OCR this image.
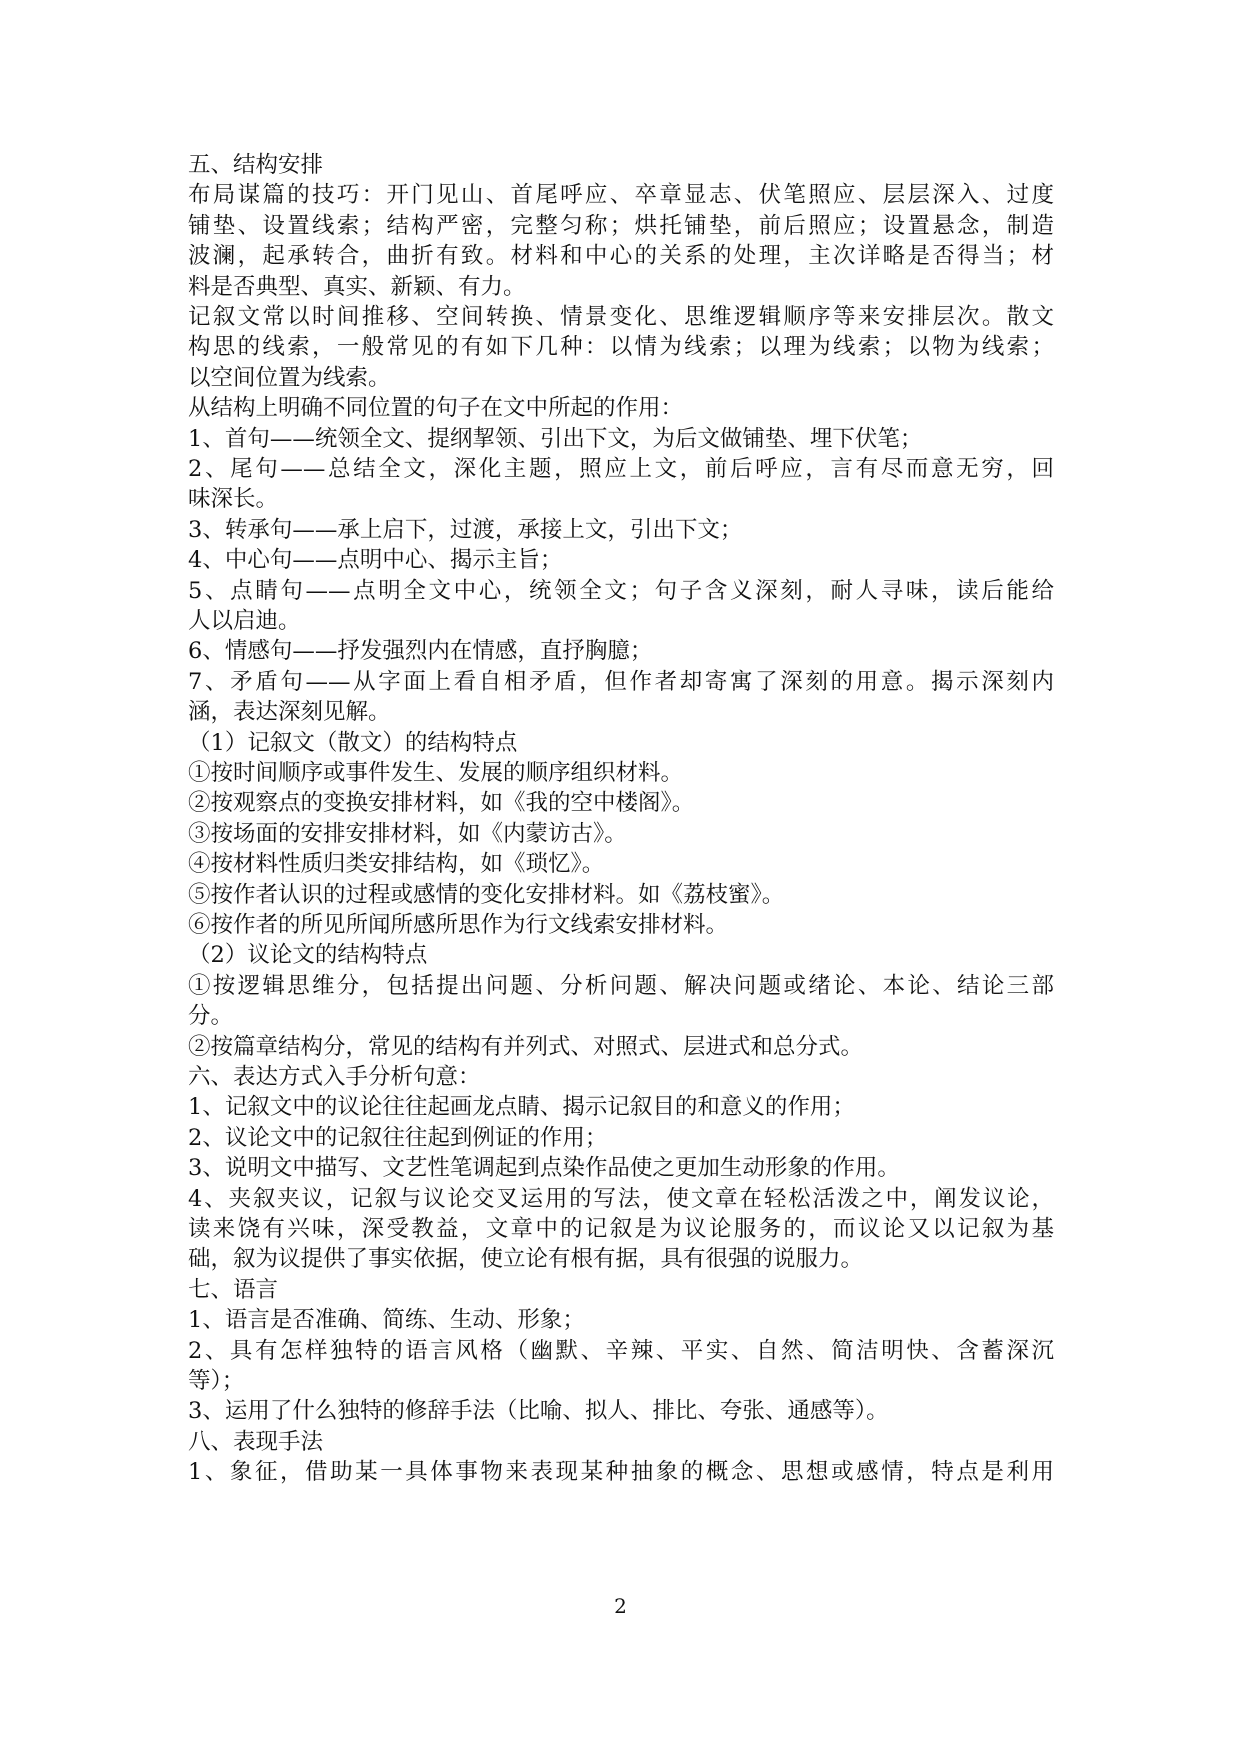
五、结构安排

布局谋篇的技巧：开门见山、首尾呼应、卒章显志、伏笔照应、层层深入、过度

铺垫、设置线索；结构严密，完整匀称；烘托铺垫，前后照应；设置悬念，制造

波澜，起承转合，曲折有致。材料和中心的关系的处理，主次详略是否得当；材

料是否典型、真实、新颖、有力。

记叙文常以时间推移、空间转换、情景变化、思维逻辑顺序等来安排层次。散文

构思的线索，一般常见的有如下几种：以情为线索；以理为线索；以物为线索；

以空间位置为线索。

从结构上明确不同位置的句子在文中所起的作用：

1、首句——统领全文、提纲挈领、引出下文，为后文做铺垫、埋下伏笔；

2、尾句——总结全文，深化主题，照应上文，前后呼应，言有尽而意无穷，回

味深长。

3、转承句——承上启下，过渡，承接上文，引出下文；

4、中心句——点明中心、揭示主旨；

5、点睛句——点明全文中心，统领全文；句子含义深刻，耐人寻味，读后能给

人以启迪。

6、情感句——抒发强烈内在情感，直抒胸臆；

7、矛盾句——从字面上看自相矛盾，但作者却寄寓了深刻的用意。揭示深刻内

涵，表达深刻见解。

（1）记叙文（散文）的结构特点

①按时间顺序或事件发生、发展的顺序组织材料。

②按观察点的变换安排材料，如《我的空中楼阁》。

③按场面的安排安排材料，如《内蒙访古》。

④按材料性质归类安排结构，如《琐忆》。

⑤按作者认识的过程或感情的变化安排材料。如《荔枝蜜》。

⑥按作者的所见所闻所感所思作为行文线索安排材料。

（2）议论文的结构特点

①按逻辑思维分，包括提出问题、分析问题、解决问题或绪论、本论、结论三部

分。

②按篇章结构分，常见的结构有并列式、对照式、层进式和总分式。

六、表达方式入手分析句意：

1、记叙文中的议论往往起画龙点睛、揭示记叙目的和意义的作用；

2、议论文中的记叙往往起到例证的作用；

3、说明文中描写、文艺性笔调起到点染作品使之更加生动形象的作用。

4、夹叙夹议，记叙与议论交叉运用的写法，使文章在轻松活泼之中，阐发议论，

读来饶有兴味，深受教益，文章中的记叙是为议论服务的，而议论又以记叙为基

础，叙为议提供了事实依据，使立论有根有据，具有很强的说服力。

七、语言

1、语言是否准确、简练、生动、形象；

2、具有怎样独特的语言风格（幽默、辛辣、平实、自然、简洁明快、含蓄深沉

等）；

3、运用了什么独特的修辞手法（比喻、拟人、排比、夸张、通感等）。

八、表现手法

1、象征，借助某一具体事物来表现某种抽象的概念、思想或感情，特点是利用

2
